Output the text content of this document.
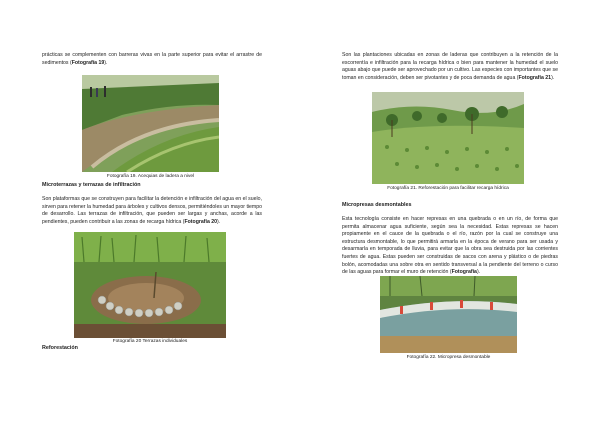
prácticas se complementen con barreras vivas en la parte superior para evitar el arrastre de sedimentos (Fotografía 19).

Fotografía 19. Acequias de ladera a nivel

Microterrazas y terrazas de infiltración

Son plataformas que se construyen para facilitar la detención e infiltración del agua en el suelo, sirven para retener la humedad para árboles y cultivos densos, permitiéndoles un mayor tiempo de desarrollo. Las terrazas de infiltración, que pueden ser largas y anchas, acorde a las pendientes, pueden contribuir a las zonas de recarga hídrica (Fotografía 20).

Fotografía 20 Terrazas individuales

Reforestación

Son las plantaciones ubicadas en zonas de laderas que contribuyen a la retención de la escorrentía e infiltración para la recarga hídrica o bien para mantener la humedad el suelo aguas abajo que puede ser aprovechado por un cultivo. Las especies con importantes que se toman en consideración, deben ser pivotantes y de poca demanda de agua (Fotografía 21).

Fotografía 21. Reforestación para facilitar recarga hídrica

Micropresas desmontables

Esta tecnología consiste en hacer represas en una quebrada o en un río, de forma que permita almacenar agua suficiente, según sea la necesidad. Estas represas se hacen propiamente en el cauce de la quebrada o el río, razón por la cual se construye una estructura desmontable, lo que permitirá armarla en la época de verano para ser usada y desarmarla en temporada de lluvia, para evitar que la obra sea destruida por las corrientes fuertes de agua. Estas pueden ser construidas de sacos con arena y plástico o de piedras bolón, acomodadas una sobre otra en sentido transversal a la pendiente del terreno o curso de las aguas para formar el muro de retención (Fotografía).

Fotografía 22. Micropresa desmontable
